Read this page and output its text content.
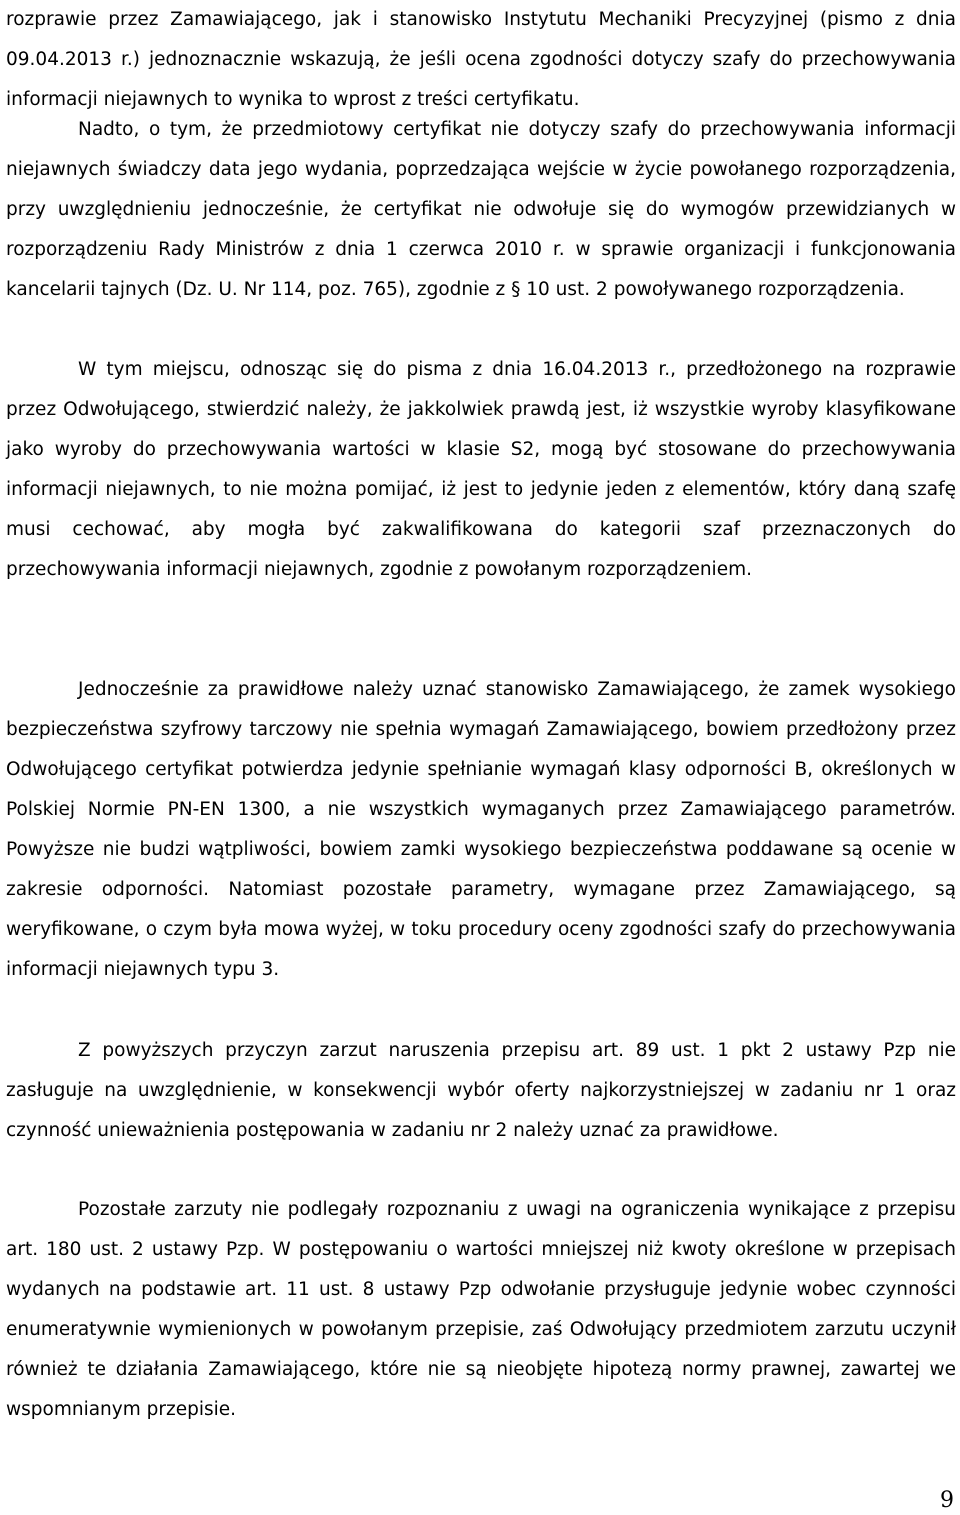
rozprawie przez Zamawiającego, jak i stanowisko Instytutu Mechaniki Precyzyjnej (pismo z dnia 09.04.2013 r.) jednoznacznie wskazują, że jeśli ocena zgodności dotyczy szafy do przechowywania informacji niejawnych to wynika to wprost z treści certyfikatu.

Nadto, o tym, że przedmiotowy certyfikat nie dotyczy szafy do przechowywania informacji niejawnych świadczy data jego wydania, poprzedzająca wejście w życie powołanego rozporządzenia, przy uwzględnieniu jednocześnie, że certyfikat nie odwołuje się do wymogów przewidzianych w rozporządzeniu Rady Ministrów z dnia 1 czerwca 2010 r. w sprawie organizacji i funkcjonowania kancelarii tajnych (Dz. U. Nr 114, poz. 765), zgodnie z § 10 ust. 2 powoływanego rozporządzenia.

W tym miejscu, odnosząc się do pisma z dnia 16.04.2013 r., przedłożonego na rozprawie przez Odwołującego, stwierdzić należy, że jakkolwiek prawdą jest, iż wszystkie wyroby klasyfikowane jako wyroby do przechowywania wartości w klasie S2, mogą być stosowane do przechowywania informacji niejawnych, to nie można pomijać, iż jest to jedynie jeden z elementów, który daną szafę musi cechować, aby mogła być zakwalifikowana do kategorii szaf przeznaczonych do przechowywania informacji niejawnych, zgodnie z powołanym rozporządzeniem.

Jednocześnie za prawidłowe należy uznać stanowisko Zamawiającego, że zamek wysokiego bezpieczeństwa szyfrowy tarczowy nie spełnia wymagań Zamawiającego, bowiem przedłożony przez Odwołującego certyfikat potwierdza jedynie spełnianie wymagań klasy odporności B, określonych w Polskiej Normie PN-EN 1300, a nie wszystkich wymaganych przez Zamawiającego parametrów. Powyższe nie budzi wątpliwości, bowiem zamki wysokiego bezpieczeństwa poddawane są ocenie w zakresie odporności. Natomiast pozostałe parametry, wymagane przez Zamawiającego, są weryfikowane, o czym była mowa wyżej, w toku procedury oceny zgodności szafy do przechowywania informacji niejawnych typu 3.

Z powyższych przyczyn zarzut naruszenia przepisu art. 89 ust. 1 pkt 2 ustawy Pzp nie zasługuje na uwzględnienie, w konsekwencji wybór oferty najkorzystniejszej w zadaniu nr 1 oraz czynność unieważnienia postępowania w zadaniu nr 2 należy uznać za prawidłowe.

Pozostałe zarzuty nie podlegały rozpoznaniu z uwagi na ograniczenia wynikające z przepisu art. 180 ust. 2 ustawy Pzp. W postępowaniu o wartości mniejszej niż kwoty określone w przepisach wydanych na podstawie art. 11 ust. 8 ustawy Pzp odwołanie przysługuje jedynie wobec czynności enumeratywnie wymienionych w powołanym przepisie, zaś Odwołujący przedmiotem zarzutu uczynił również te działania Zamawiającego, które nie są nieobjęte hipotezą normy prawnej, zawartej we wspomnianym przepisie.

9
